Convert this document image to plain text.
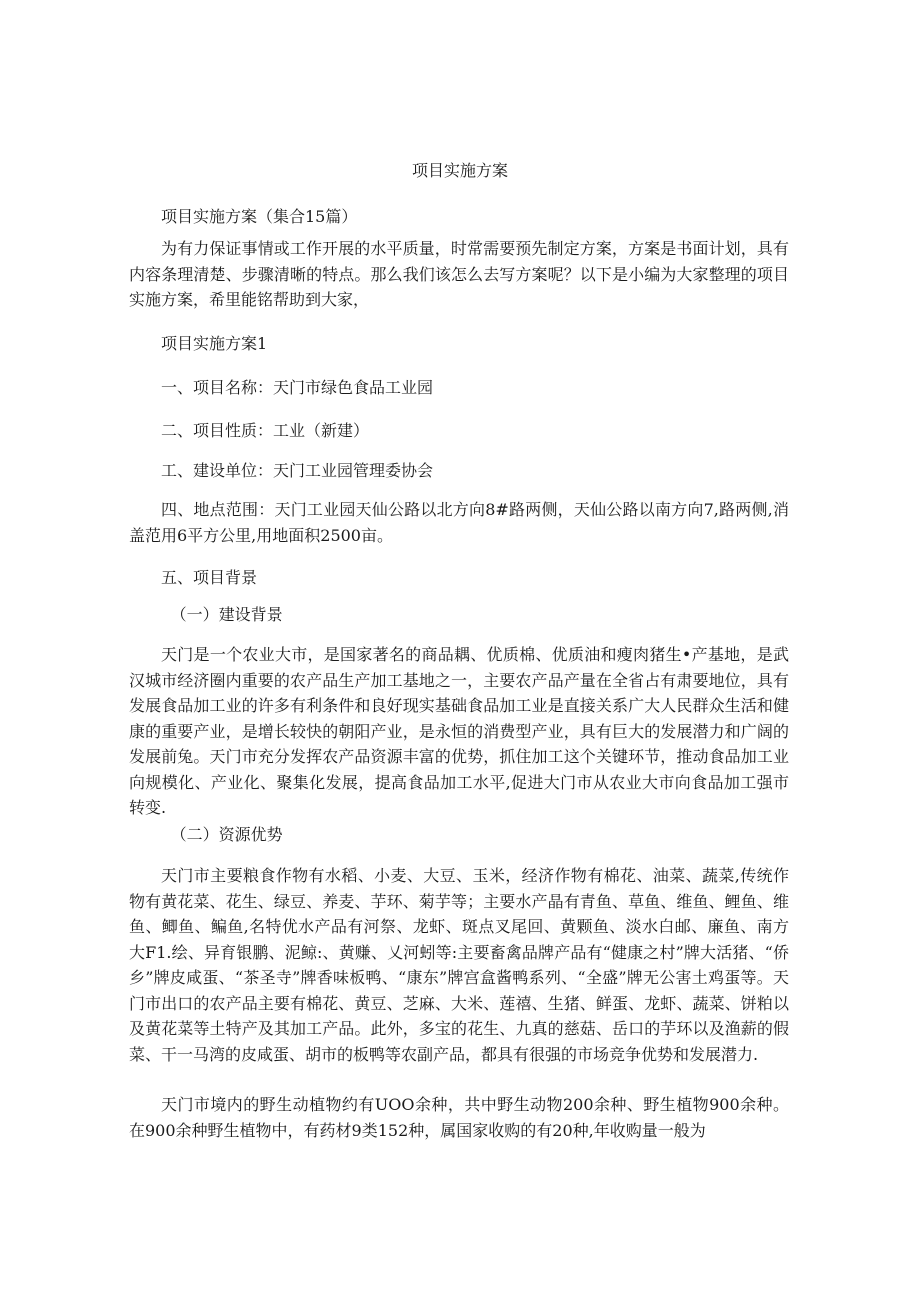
项目实施方案

项目实施方案（集合15篇）

为有力保证事情或工作开展的水平质量，时常需要预先制定方案，方案是书面计划，具有内容条理清楚、步骤清晰的特点。那么我们该怎么去写方案呢？以下是小编为大家整理的项目实施方案，希里能铭帮助到大家，

项目实施方案1

一、项目名称：天门市绿色食品工业园

二、项目性质：工业（新建）

⼯、建设单位：天门工业园管理委协会

四、地点范围：天门工业园天仙公路以北方向8#路两侧，天仙公路以南方向7,路两侧,消盖范用6平方公里,用地面积2500亩。

五、项目背景

（一）建设背景

天门是一个农业大市，是国家著名的商品耦、优质棉、优质油和瘦肉猪生•产基地，是武汉城市经济圈内重要的农产品生产加工基地之一，主要农产品产量在全省占有肃要地位，具有发展食品加工业的许多有利条件和良好现实基础食品加工业是直接关系广大人民群众生活和健康的重要产业，是增长较快的朝阳产业，是永恒的消费型产业，具有巨大的发展潜力和广阔的发展前兔。天门市充分发挥农产品资源丰富的优势，抓住加工这个关键环节，推动食品加工业向规模化、产业化、聚集化发展，提高食品加工水平,促进大门市从农业大市向食品加工强市转变.

（二）资源优势

天门市主要粮食作物有水稻、小麦、大豆、玉米，经济作物有棉花、油菜、蔬菜,传统作物有黄花菜、花生、绿豆、养麦、芋环、菊芋等；主要水产晶有青鱼、草鱼、维鱼、鲤鱼、维鱼、鲫鱼、鳊鱼,名特优水产品有河祭、龙虾、斑点叉尾回、黄颗鱼、淡水白邮、廉鱼、南方大F1.绘、异育银鹏、泥鲸:、黄赚、乂河蚓等:主要畜禽品牌产品有“健康之村”牌大活猪、“侨乡”牌皮咸蛋、“茶圣寺”牌香味板鸭、“康东”牌宫盒酱鸭系列、“全盛”牌无公害土鸡蛋等。天门市出口的农产品主要有棉花、黄豆、芝麻、大米、莲禧、生猪、鲜蛋、龙虾、蔬菜、饼粕以及黄花菜等土特产及其加工产品。此外，多宝的花生、九真的慈菇、岳口的芋环以及渔薪的假菜、干一马湾的皮咸蛋、胡市的板鸭等农副产品，都具有很强的市场竞争优势和发展潜力.

天门市境内的野生动植物约有UOO余种，共中野生动物200余种、野生植物900余种。在900余种野生植物中，有药材9类152种，属国家收购的有20种,年收购量一般为
